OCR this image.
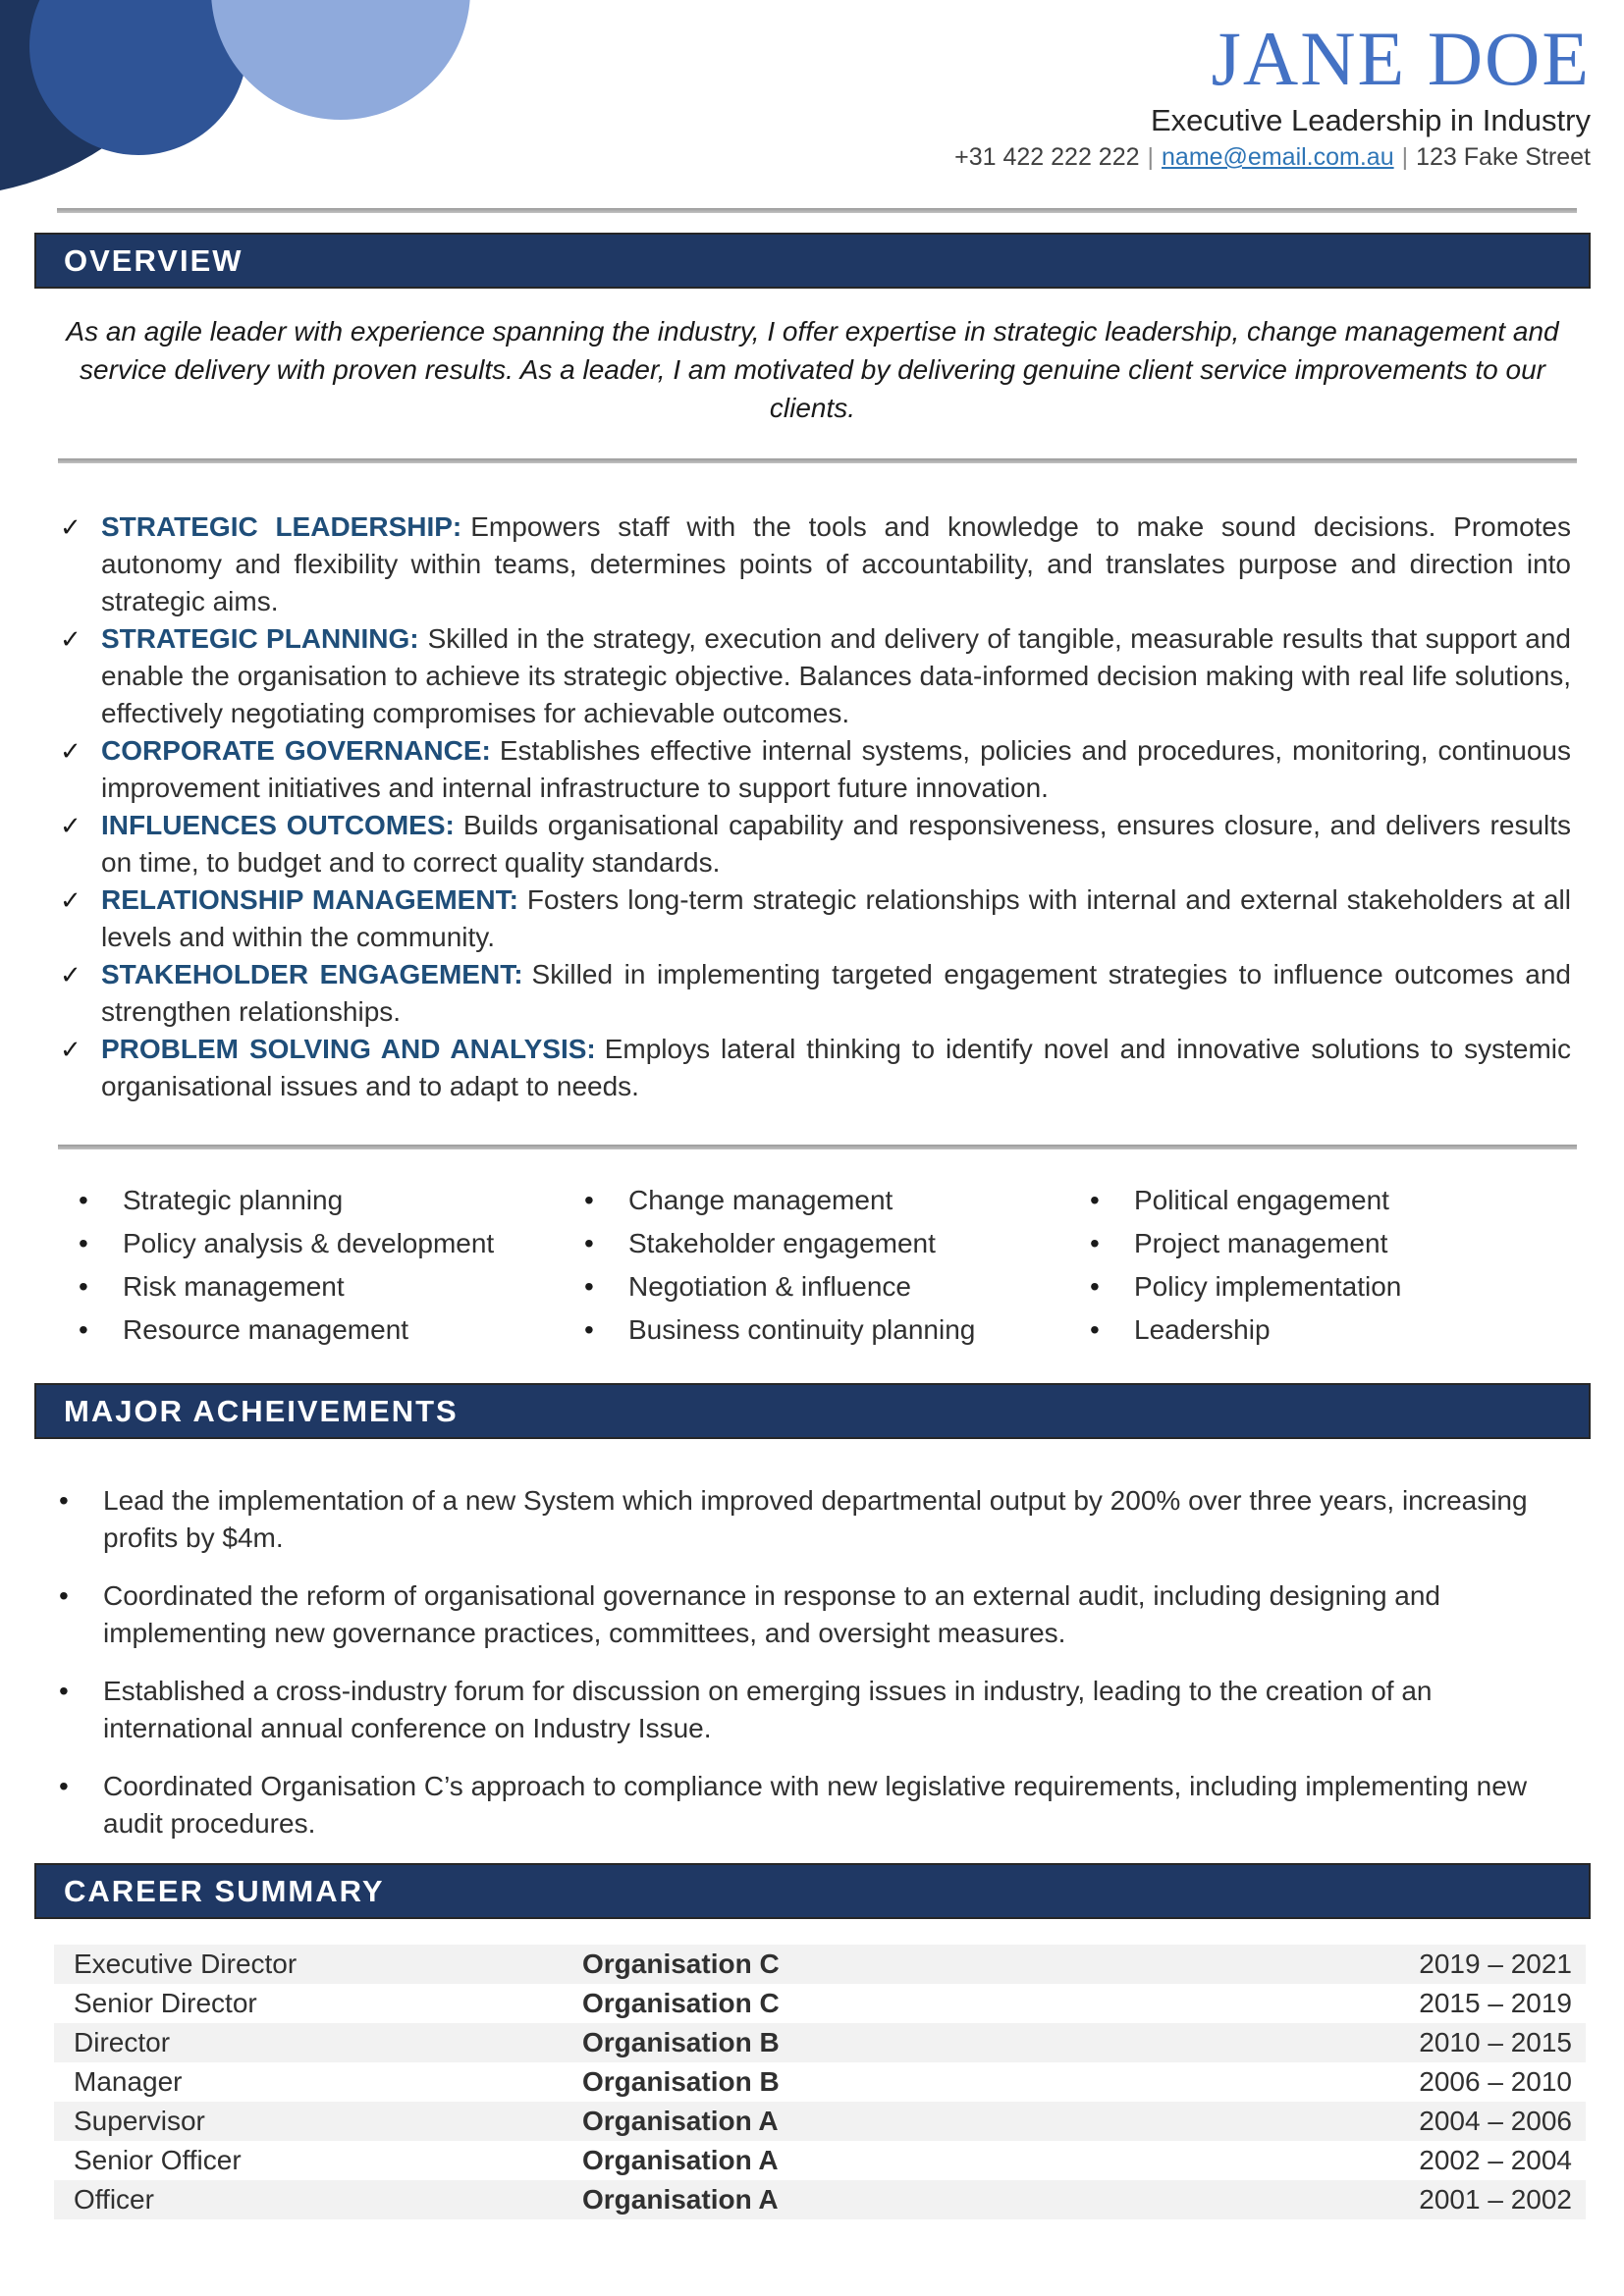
JANE DOE
Executive Leadership in Industry
+31 422 222 222 | name@email.com.au | 123 Fake Street
OVERVIEW

As an agile leader with experience spanning the industry, I offer expertise in strategic leadership, change management and service delivery with proven results. As a leader, I am motivated by delivering genuine client service improvements to our clients.

✓ STRATEGIC LEADERSHIP: Empowers staff with the tools and knowledge to make sound decisions. Promotes autonomy and flexibility within teams, determines points of accountability, and translates purpose and direction into strategic aims.
✓ STRATEGIC PLANNING: Skilled in the strategy, execution and delivery of tangible, measurable results that support and enable the organisation to achieve its strategic objective. Balances data-informed decision making with real life solutions, effectively negotiating compromises for achievable outcomes.
✓ CORPORATE GOVERNANCE: Establishes effective internal systems, policies and procedures, monitoring, continuous improvement initiatives and internal infrastructure to support future innovation.
✓ INFLUENCES OUTCOMES: Builds organisational capability and responsiveness, ensures closure, and delivers results on time, to budget and to correct quality standards.
✓ RELATIONSHIP MANAGEMENT: Fosters long-term strategic relationships with internal and external stakeholders at all levels and within the community.
✓ STAKEHOLDER ENGAGEMENT: Skilled in implementing targeted engagement strategies to influence outcomes and strengthen relationships.
✓ PROBLEM SOLVING AND ANALYSIS: Employs lateral thinking to identify novel and innovative solutions to systemic organisational issues and to adapt to needs.
•	Strategic planning
•	Policy analysis & development
•	Risk management
•	Resource management
•	Change management
•	Stakeholder engagement
•	Negotiation & influence
•	Business continuity planning
•	Political engagement
•	Project management
•	Policy implementation
•	Leadership
MAJOR ACHEIVEMENTS
•	Lead the implementation of a new System which improved departmental output by 200% over three years, increasing profits by $4m.
•	Coordinated the reform of organisational governance in response to an external audit, including designing and implementing new governance practices, committees, and oversight measures.
•	Established a cross-industry forum for discussion on emerging issues in industry, leading to the creation of an international annual conference on Industry Issue.
•	Coordinated Organisation C’s approach to compliance with new legislative requirements, including implementing new audit procedures.
CAREER SUMMARY
Executive Director	Organisation C	2019 – 2021
Senior Director	Organisation C	2015 – 2019
Director	Organisation B	2010 – 2015
Manager	Organisation B	2006 – 2010
Supervisor	Organisation A	2004 – 2006
Senior Officer	Organisation A	2002 – 2004
Officer	Organisation A	2001 – 2002
